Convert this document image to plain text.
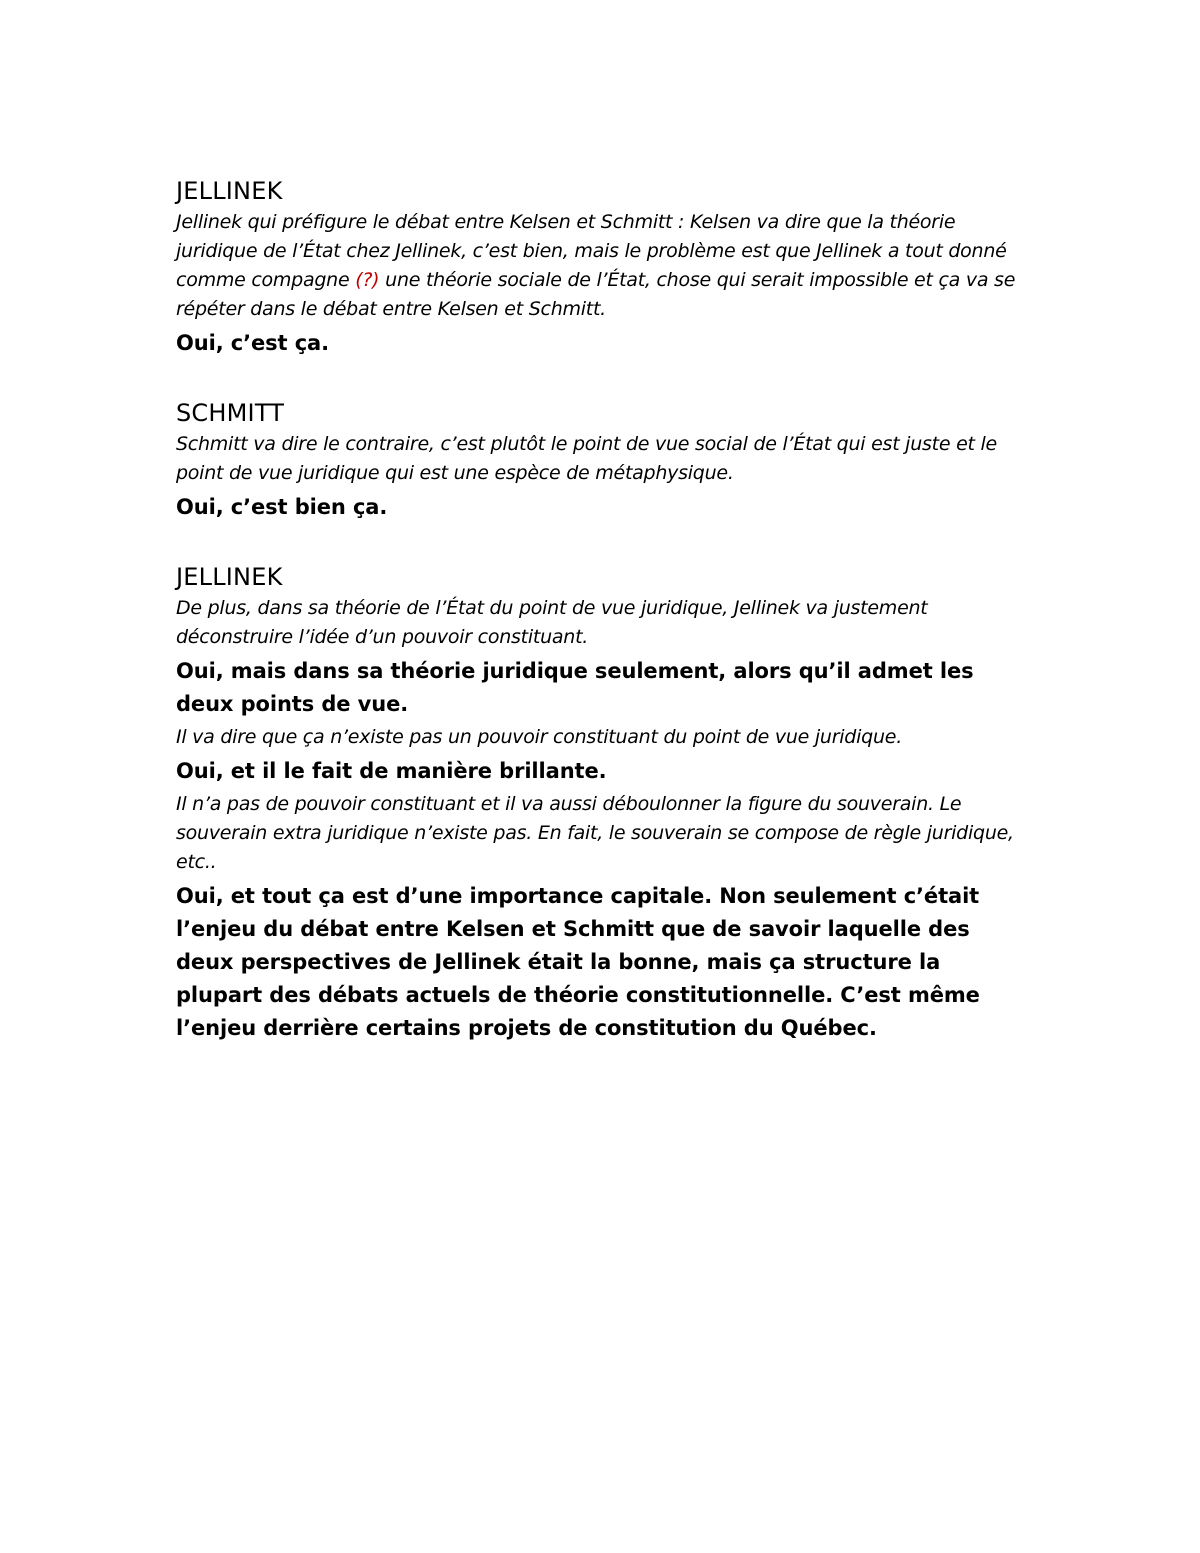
JELLINEK

Jellinek qui préfigure le débat entre Kelsen et Schmitt : Kelsen va dire que la théorie juridique de l’État chez Jellinek, c’est bien, mais le problème est que Jellinek a tout donné comme compagne (?) une théorie sociale de l’État, chose qui serait impossible et ça va se répéter dans le débat entre Kelsen et Schmitt.

Oui, c’est ça.

SCHMITT

Schmitt va dire le contraire, c’est plutôt le point de vue social de l’État qui est juste et le point de vue juridique qui est une espèce de métaphysique.

Oui, c’est bien ça.

JELLINEK

De plus, dans sa théorie de l’État du point de vue juridique, Jellinek va justement déconstruire l’idée d’un pouvoir constituant.

Oui, mais dans sa théorie juridique seulement, alors qu’il admet les deux points de vue.

Il va dire que ça n’existe pas un pouvoir constituant du point de vue juridique.

Oui, et il le fait de manière brillante.

Il n’a pas de pouvoir constituant et il va aussi déboulonner la figure du souverain. Le souverain extra juridique n’existe pas. En fait, le souverain se compose de règle juridique, etc..

Oui, et tout ça est d’une importance capitale. Non seulement c’était l’enjeu du débat entre Kelsen et Schmitt que de savoir laquelle des deux perspectives de Jellinek était la bonne, mais ça structure la plupart des débats actuels de théorie constitutionnelle. C’est même l’enjeu derrière certains projets de constitution du Québec.
